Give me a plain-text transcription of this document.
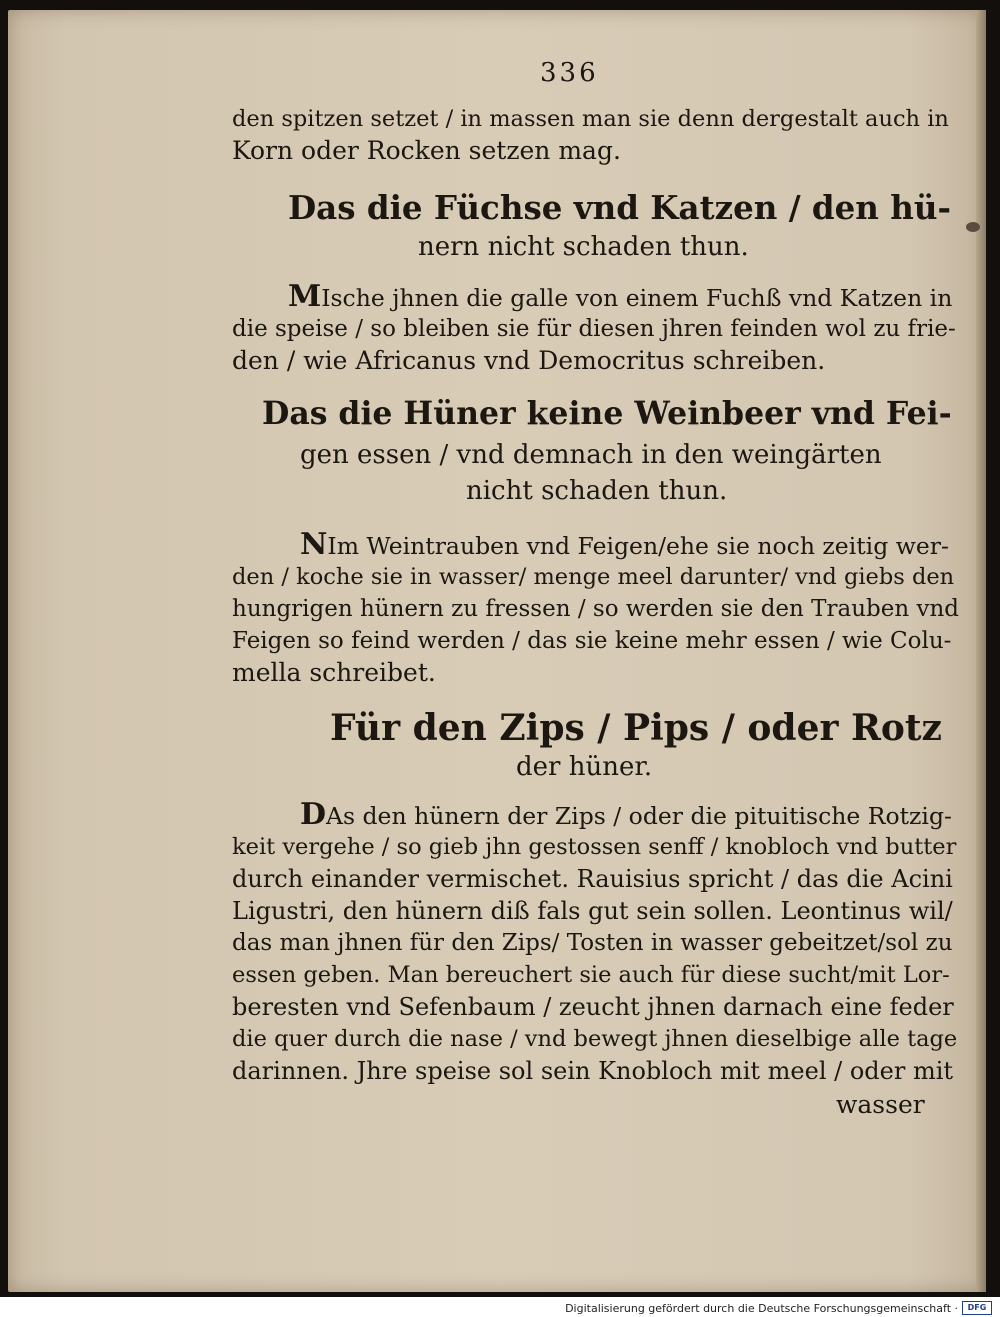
336
den spitzen setzet / in massen man sie denn dergestalt auch in
Korn oder Rocken setzen mag.
Das die Füchse vnd Katzen / den hü-
nern nicht schaden thun.
MIsche jhnen die galle von einem Fuchß vnd Katzen in
die speise / so bleiben sie für diesen jhren feinden wol zu frie-
den / wie Africanus vnd Democritus schreiben.
Das die Hüner keine Weinbeer vnd Fei-
gen essen / vnd demnach in den weingärten
nicht schaden thun.
NIm Weintrauben vnd Feigen/ehe sie noch zeitig wer-
den / koche sie in wasser/ menge meel darunter/ vnd giebs den
hungrigen hünern zu fressen / so werden sie den Trauben vnd
Feigen so feind werden / das sie keine mehr essen / wie Colu-
mella schreibet.
Für den Zips / Pips / oder Rotz
der hüner.
DAs den hünern der Zips / oder die pituitische Rotzig-
keit vergehe / so gieb jhn gestossen senff / knobloch vnd butter
durch einander vermischet. Rauisius spricht / das die Acini
Ligustri, den hünern diß fals gut sein sollen. Leontinus wil/
das man jhnen für den Zips/ Tosten in wasser gebeitzet/sol zu
essen geben. Man bereuchert sie auch für diese sucht/mit Lor-
beresten vnd Sefenbaum / zeucht jhnen darnach eine feder
die quer durch die nase / vnd bewegt jhnen dieselbige alle tage
darinnen. Jhre speise sol sein Knobloch mit meel / oder mit
wasser
Digitalisierung gefördert durch die Deutsche Forschungsgemeinschaft ·	DFG
